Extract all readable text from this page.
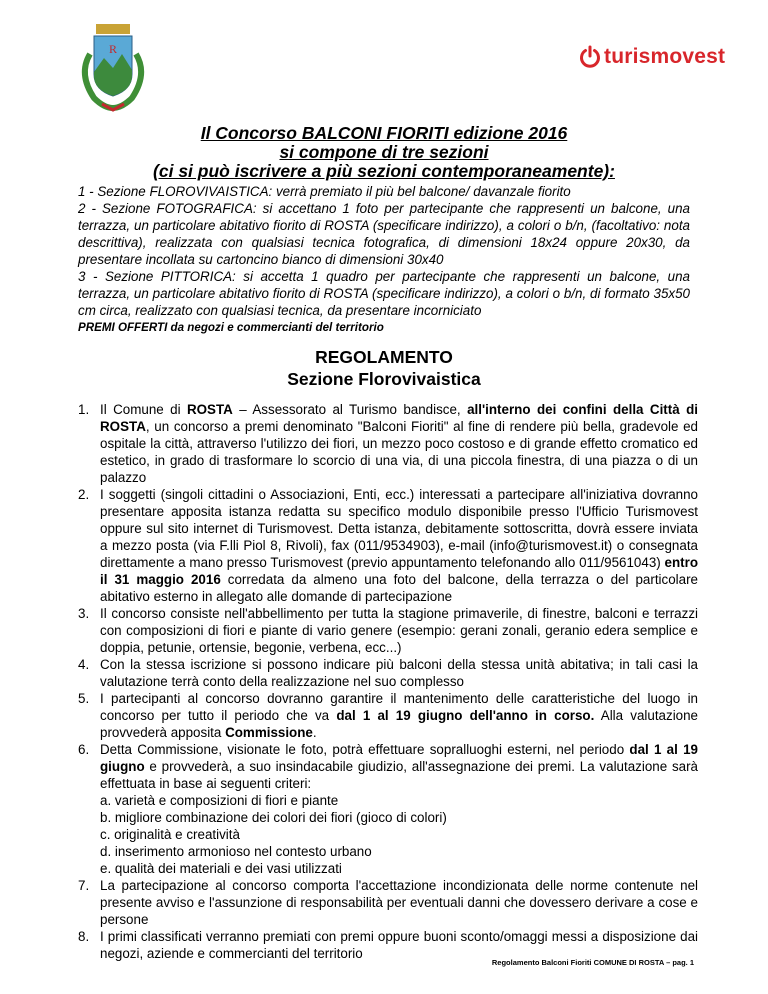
R	turismovest
Il Concorso BALCONI FIORITI edizione 2016
si compone di tre sezioni
(ci si può iscrivere a più sezioni contemporaneamente):

1 - Sezione FLOROVIVAISTICA: verrà premiato il più bel balcone/ davanzale fiorito

2 - Sezione FOTOGRAFICA: si accettano 1 foto per partecipante che rappresenti un balcone, una terrazza, un particolare abitativo fiorito di ROSTA (specificare indirizzo), a colori o b/n, (facoltativo: nota descrittiva), realizzata con qualsiasi tecnica fotografica, di dimensioni 18x24 oppure 20x30, da presentare incollata su cartoncino bianco di dimensioni 30x40

3 - Sezione PITTORICA: si accetta 1 quadro per partecipante che rappresenti un balcone, una terrazza, un particolare abitativo fiorito di ROSTA (specificare indirizzo), a colori o b/n, di formato 35x50 cm circa, realizzato con qualsiasi tecnica, da presentare incorniciato

PREMI OFFERTI da negozi e commercianti del territorio

REGOLAMENTO
Sezione Florovivaistica
1. Il Comune di ROSTA – Assessorato al Turismo bandisce, all'interno dei confini della Città di ROSTA, un concorso a premi denominato "Balconi Fioriti" al fine di rendere più bella, gradevole ed ospitale la città, attraverso l'utilizzo dei fiori, un mezzo poco costoso e di grande effetto cromatico ed estetico, in grado di trasformare lo scorcio di una via, di una piccola finestra, di una piazza o di un palazzo
2. I soggetti (singoli cittadini o Associazioni, Enti, ecc.) interessati a partecipare all'iniziativa dovranno presentare apposita istanza redatta su specifico modulo disponibile presso l'Ufficio Turismovest oppure sul sito internet di Turismovest. Detta istanza, debitamente sottoscritta, dovrà essere inviata a mezzo posta (via F.lli Piol 8, Rivoli), fax (011/9534903), e-mail (info@turismovest.it) o consegnata direttamente a mano presso Turismovest (previo appuntamento telefonando allo 011/9561043) entro il 31 maggio 2016 corredata da almeno una foto del balcone, della terrazza o del particolare abitativo esterno in allegato alle domande di partecipazione
3. Il concorso consiste nell'abbellimento per tutta la stagione primaverile, di finestre, balconi e terrazzi con composizioni di fiori e piante di vario genere (esempio: gerani zonali, geranio edera semplice e doppia, petunie, ortensie, begonie, verbena, ecc...)
4. Con la stessa iscrizione si possono indicare più balconi della stessa unità abitativa; in tali casi la valutazione terrà conto della realizzazione nel suo complesso
5. I partecipanti al concorso dovranno garantire il mantenimento delle caratteristiche del luogo in concorso per tutto il periodo che va dal 1 al 19 giugno dell'anno in corso. Alla valutazione provvederà apposita Commissione.
6. Detta Commissione, visionate le foto, potrà effettuare sopralluoghi esterni, nel periodo dal 1 al 19 giugno e provvederà, a suo insindacabile giudizio, all'assegnazione dei premi. La valutazione sarà effettuata in base ai seguenti criteri:
a. varietà e composizioni di fiori e piante
b. migliore combinazione dei colori dei fiori (gioco di colori)
c. originalità e creatività
d. inserimento armonioso nel contesto urbano
e. qualità dei materiali e dei vasi utilizzati
7. La partecipazione al concorso comporta l'accettazione incondizionata delle norme contenute nel presente avviso e l'assunzione di responsabilità per eventuali danni che dovessero derivare a cose e persone
8. I primi classificati verranno premiati con premi oppure buoni sconto/omaggi messi a disposizione dai negozi, aziende e commercianti del territorio
Regolamento Balconi Fioriti COMUNE DI ROSTA – pag. 1
